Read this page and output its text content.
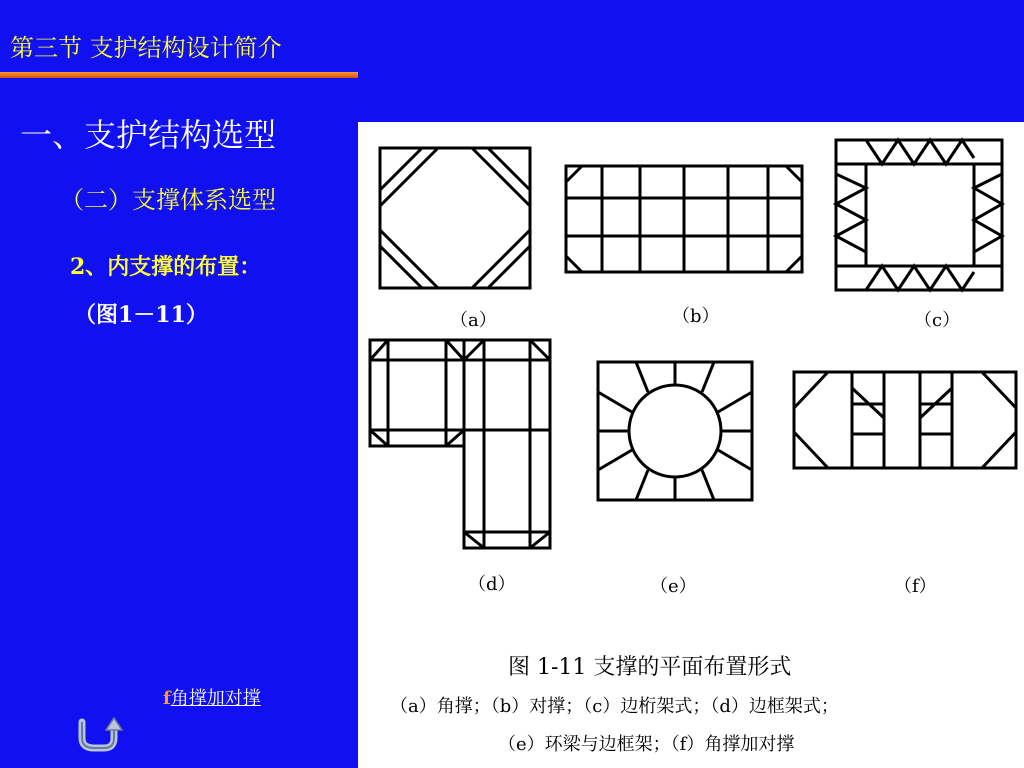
第三节 支护结构设计简介
一、支护结构选型
（二）支撑体系选型
2、内支撑的布置：
（图1－11）
f角撑加对撑
（a）	（b）	（c）
（d）	（e）	（f）
图 1-11 支撑的平面布置形式
（a）角撑；（b）对撑；（c）边桁架式；（d）边框架式；
（e）环梁与边框架；（f）角撑加对撑
